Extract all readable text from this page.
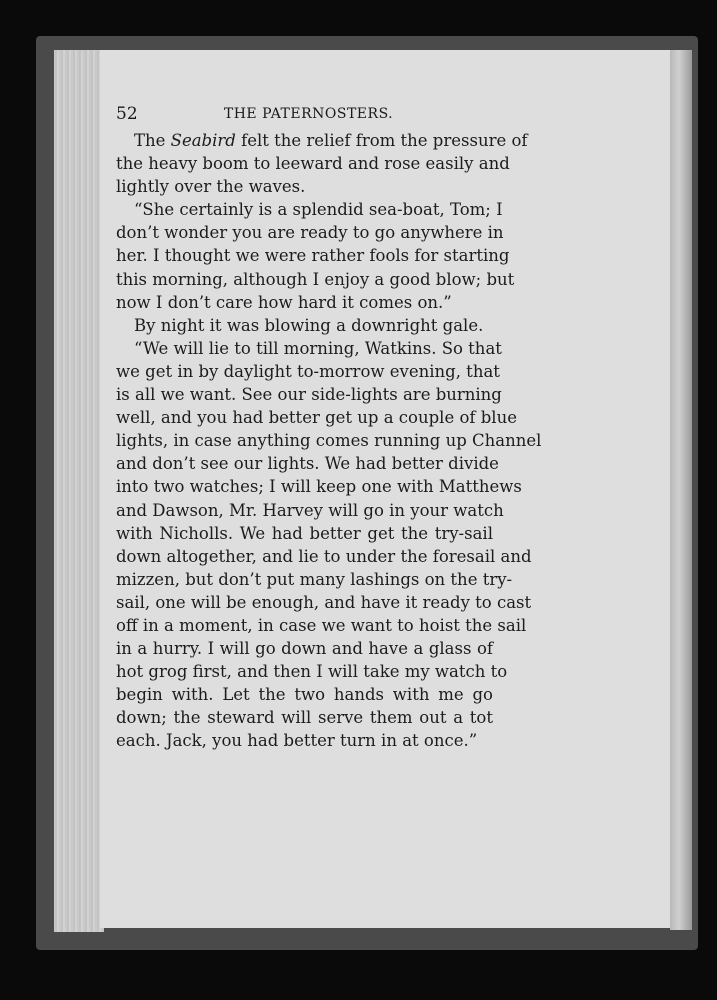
52	THE PATERNOSTERS.
The Seabird felt the relief from the pressure of
the heavy boom to leeward and rose easily and
lightly over the waves.
“She certainly is a splendid sea-boat, Tom; I
don’t wonder you are ready to go anywhere in
her. I thought we were rather fools for starting
this morning, although I enjoy a good blow; but
now I don’t care how hard it comes on.”
By night it was blowing a downright gale.
“We will lie to till morning, Watkins. So that
we get in by daylight to-morrow evening, that
is all we want. See our side-lights are burning
well, and you had better get up a couple of blue
lights, in case anything comes running up Channel
and don’t see our lights. We had better divide
into two watches; I will keep one with Matthews
and Dawson, Mr. Harvey will go in your watch
with Nicholls. We had better get the try-sail
down altogether, and lie to under the foresail and
mizzen, but don’t put many lashings on the try-
sail, one will be enough, and have it ready to cast
off in a moment, in case we want to hoist the sail
in a hurry. I will go down and have a glass of
hot grog first, and then I will take my watch to
begin with. Let the two hands with me go
down; the steward will serve them out a tot
each. Jack, you had better turn in at once.”
